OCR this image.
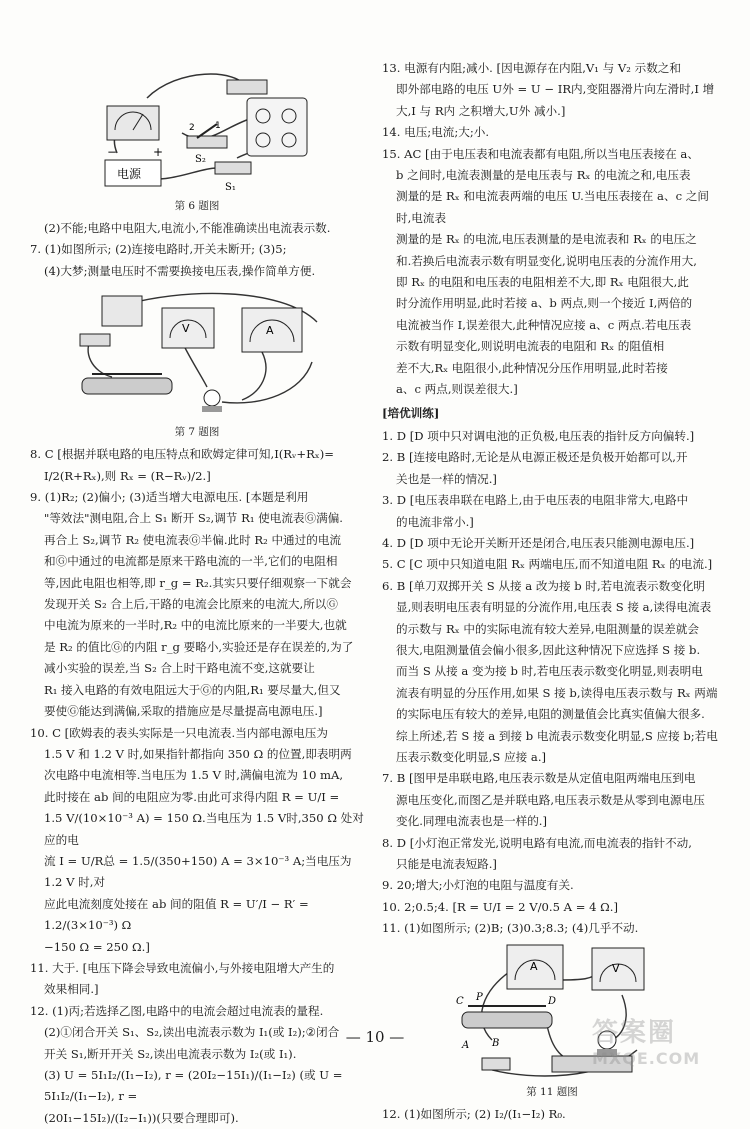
1
2
S₂
电源
−	+
S₁
第 6 题图

(2)不能;电路中电阻大,电流小,不能准确读出电流表示数.

7. (1)如图所示; (2)连接电路时,开关未断开; (3)5;

(4)大梦;测量电压时不需要换接电压表,操作简单方便.

V	A
第 7 题图

8. C [根据并联电路的电压特点和欧姆定律可知,I(Rᵥ+Rₓ)=

I/2(R+Rₓ),则 Rₓ = (R−Rᵥ)/2.]

9. (1)R₂; (2)偏小; (3)适当增大电源电压. [本题是利用

"等效法"测电阻,合上 S₁ 断开 S₂,调节 R₁ 使电流表Ⓖ满偏.

再合上 S₂,调节 R₂ 使电流表Ⓖ半偏.此时 R₂ 中通过的电流

和Ⓖ中通过的电流都是原来干路电流的一半,它们的电阻相

等,因此电阻也相等,即 r_g = R₂.其实只要仔细观察一下就会

发现开关 S₂ 合上后,干路的电流会比原来的电流大,所以Ⓖ

中电流为原来的一半时,R₂ 中的电流比原来的一半要大,也就

是 R₂ 的值比Ⓖ的内阻 r_g 要略小,实验还是存在误差的,为了

减小实验的误差,当 S₂ 合上时干路电流不变,这就要让

R₁ 接入电路的有效电阻远大于Ⓖ的内阻,R₁ 要尽量大,但又

要使Ⓖ能达到满偏,采取的措施应是尽量提高电源电压.]

10. C [欧姆表的表头实际是一只电流表.当内部电源电压为

1.5 V 和 1.2 V 时,如果指针都指向 350 Ω 的位置,即表明两

次电路中电流相等.当电压为 1.5 V 时,满偏电流为 10 mA,

此时接在 ab 间的电阻应为零.由此可求得内阻 R = U/I =

1.5 V/(10×10⁻³ A) = 150 Ω.当电压为 1.5 V时,350 Ω 处对应的电

流 I = U/R总 = 1.5/(350+150) A = 3×10⁻³ A;当电压为 1.2 V 时,对

应此电流刻度处接在 ab 间的阻值 R = U′/I − R′ = 1.2/(3×10⁻³) Ω

−150 Ω = 250 Ω.]

11. 大于. [电压下降会导致电流偏小,与外接电阻增大产生的

效果相同.]

12. (1)丙;若选择乙图,电路中的电流会超过电流表的量程.

(2)①闭合开关 S₁、S₂,读出电流表示数为 I₁(或 I₂);②闭合

开关 S₁,断开开关 S₂,读出电流表示数为 I₂(或 I₁).

(3) U = 5I₁I₂/(I₁−I₂), r = (20I₂−15I₁)/(I₁−I₂) (或 U = 5I₁I₂/(I₁−I₂), r =

(20I₁−15I₂)/(I₂−I₁))(只要合理即可).

13. 电源有内阻;减小. [因电源存在内阻,V₁ 与 V₂ 示数之和

即外部电路的电压 U外 = U − IR内,变阻器滑片向左滑时,I 增

大,I 与 R内 之积增大,U外 减小.]

14. 电压;电流;大;小.

15. AC [由于电压表和电流表都有电阻,所以当电压表接在 a、

b 之间时,电流表测量的是电压表与 Rₓ 的电流之和,电压表

测量的是 Rₓ 和电流表两端的电压 U.当电压表接在 a、c 之间时,电流表

测量的是 Rₓ 的电流,电压表测量的是电流表和 Rₓ 的电压之

和.若换后电流表示数有明显变化,说明电压表的分流作用大,

即 Rₓ 的电阻和电压表的电阻相差不大,即 Rₓ 电阻很大,此

时分流作用明显,此时若接 a、b 两点,则一个接近 I,两倍的

电流被当作 I,误差很大,此种情况应接 a、c 两点.若电压表

示数有明显变化,则说明电流表的电阻和 Rₓ 的阻值相

差不大,Rₓ 电阻很小,此种情况分压作用明显,此时若接

a、c 两点,则误差很大.]

[培优训练]

1. D [D 项中只对调电池的正负极,电压表的指针反方向偏转.]

2. B [连接电路时,无论是从电源正极还是负极开始都可以,开

关也是一样的情况.]

3. D [电压表串联在电路上,由于电压表的电阻非常大,电路中

的电流非常小.]

4. D [D 项中无论开关断开还是闭合,电压表只能测电源电压.]

5. C [C 项中只知道电阻 Rₓ 两端电压,而不知道电阻 Rₓ 的电流.]

6. B [单刀双掷开关 S 从接 a 改为接 b 时,若电流表示数变化明

显,则表明电压表有明显的分流作用,电压表 S 接 a,读得电流表

的示数与 Rₓ 中的实际电流有较大差异,电阻测量的误差就会

很大,电阻测量值会偏小很多,因此这种情况下应选择 S 接 b.

而当 S 从接 a 变为接 b 时,若电压表示数变化明显,则表明电

流表有明显的分压作用,如果 S 接 b,读得电压表示数与 Rₓ 两端

的实际电压有较大的差异,电阻的测量值会比真实值偏大很多.

综上所述,若 S 接 a 到接 b 电流表示数变化明显,S 应接 b;若电

压表示数变化明显,S 应接 a.]

7. B [图甲是串联电路,电压表示数是从定值电阻两端电压到电

源电压变化,而图乙是并联电路,电压表示数是从零到电源电压

变化.同理电流表也是一样的.]

8. D [小灯泡正常发光,说明电路有电流,而电流表的指针不动,

只能是电流表短路.]

9. 20;增大;小灯泡的电阻与温度有关.

10. 2;0.5;4. [R = U/I = 2 V/0.5 A = 4 Ω.]

11. (1)如图所示; (2)B; (3)0.3;8.3; (4)几乎不动.

A	V
C P	D
B
A
第 11 题图

12. (1)如图所示; (2) I₂/(I₁−I₂) R₀.

— 10 —	答案圈
MXQE.COM
